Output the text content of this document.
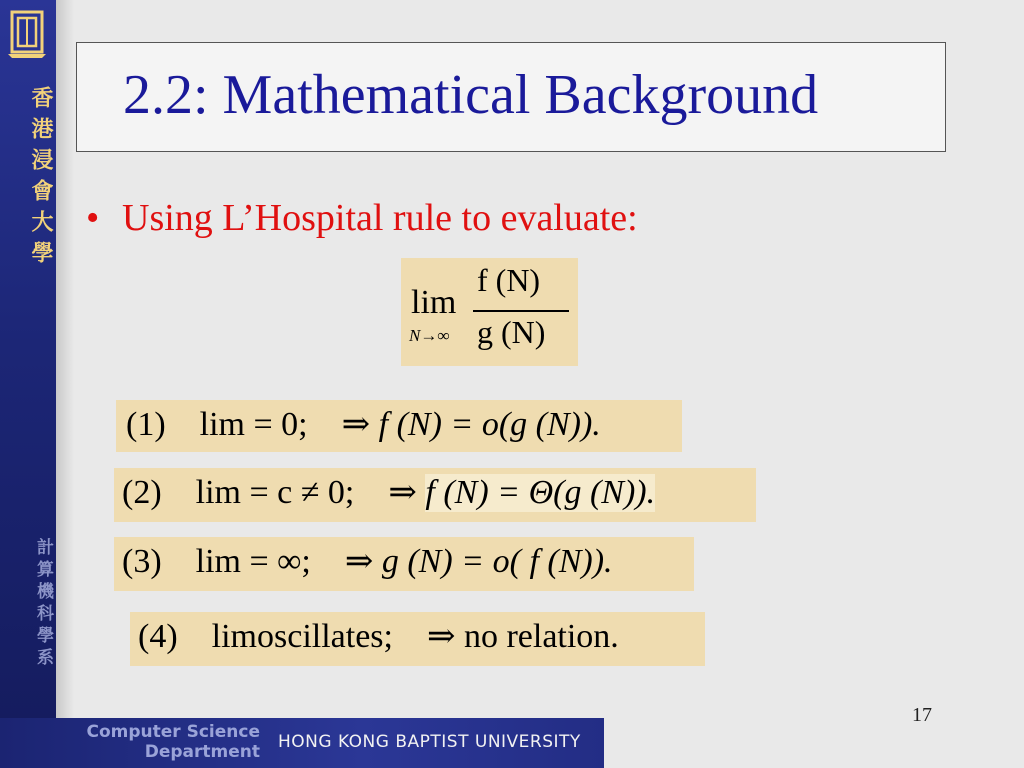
香港浸會大學
計算機科學系
2.2: Mathematical Background
• Using L’Hospital rule to evaluate:
lim
N→∞
f (N)
g (N)
(1) lim = 0; ⇒ f (N) = o(g (N)).
(2) lim = c ≠ 0; ⇒ f (N) = Θ(g (N)).
(3) lim = ∞; ⇒ g (N) = o( f (N)).
(4) limoscillates; ⇒ no relation.
17
Computer Science
Department HONG KONG BAPTIST UNIVERSITY
